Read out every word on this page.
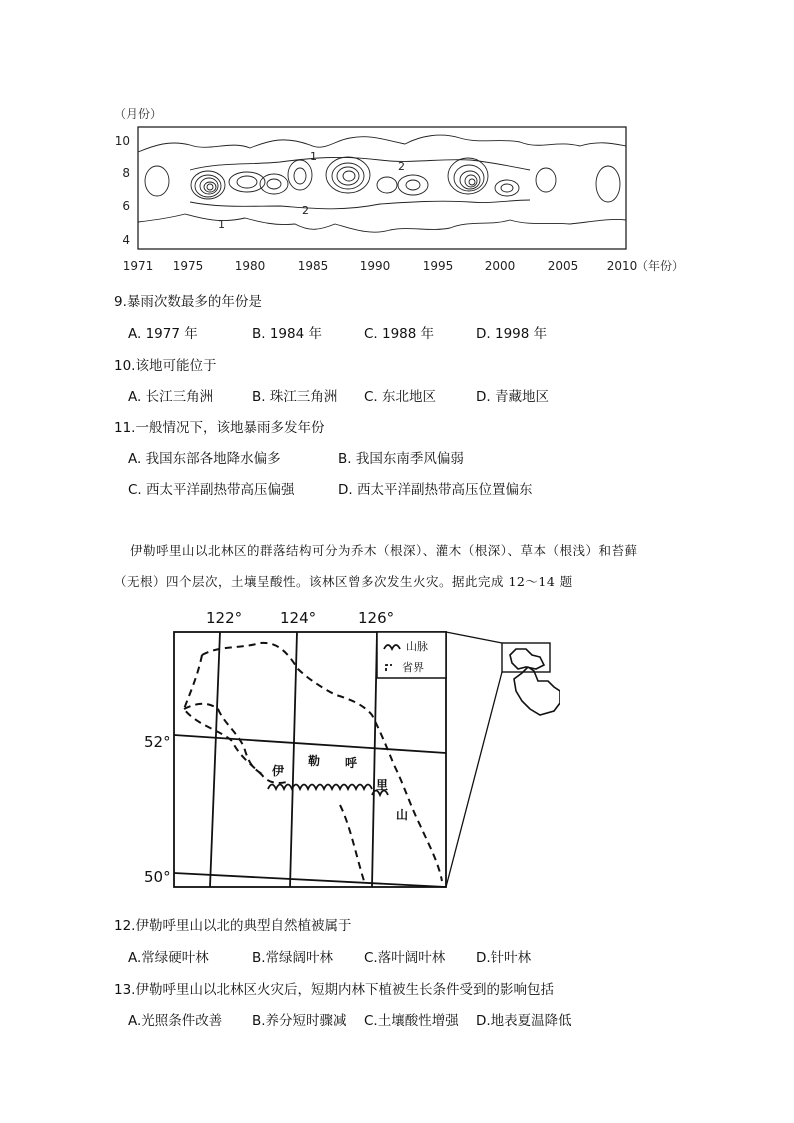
（月份）
10
8
6
4
1971 1975	1980	1985	1990	1995	2000	2005 2010
（年份）
1
2
2
1
9.暴雨次数最多的年份是
A. 1977 年	B. 1984 年	C. 1988 年	D. 1998 年
10.该地可能位于
A. 长江三角洲	B. 珠江三角洲 C. 东北地区	D. 青藏地区
11.一般情况下，该地暴雨多发年份
A. 我国东部各地降水偏多	B. 我国东南季风偏弱
C. 西太平洋副热带高压偏强	D. 西太平洋副热带高压位置偏东
伊勒呼里山以北林区的群落结构可分为乔木（根深）、灌木（根深）、草本（根浅）和苔藓
（无根）四个层次，土壤呈酸性。该林区曾多次发生火灾。据此完成 12～14 题
122°	124°	126°
52°
50°
山脉
省界
伊
勒 呼
里
山
12.伊勒呼里山以北的典型自然植被属于
A.常绿硬叶林	B.常绿阔叶林 C.落叶阔叶林 D.针叶林
13.伊勒呼里山以北林区火灾后，短期内林下植被生长条件受到的影响包括
A.光照条件改善 B.养分短时骤减 C.土壤酸性增强 D.地表夏温降低
